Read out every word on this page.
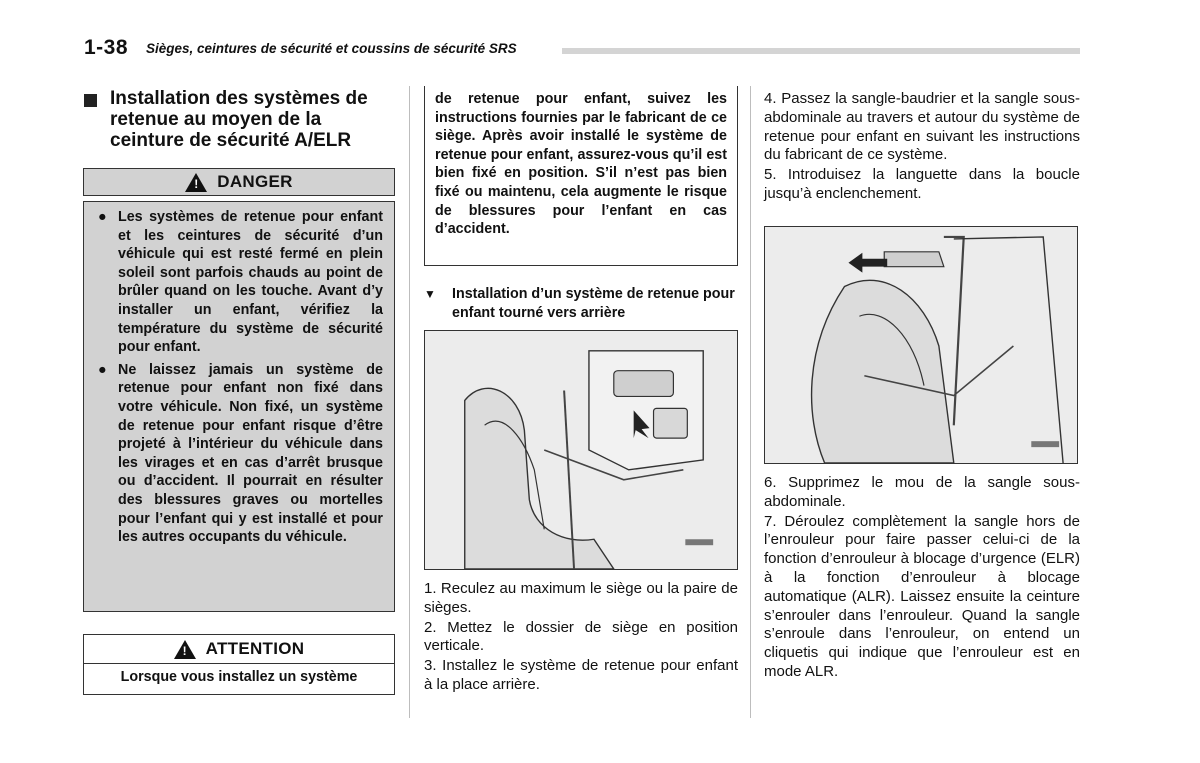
1-38 Sièges, ceintures de sécurité et coussins de sécurité SRS
Installation des systèmes de retenue au moyen de la ceinture de sécurité A/ELR
! DANGER
● Les systèmes de retenue pour enfant et les ceintures de sécurité d’un véhicule qui est resté fermé en plein soleil sont parfois chauds au point de brûler quand on les touche. Avant d’y installer un enfant, vérifiez la température du système de sécurité pour enfant.
● Ne laissez jamais un système de retenue pour enfant non fixé dans votre véhicule. Non fixé, un système de retenue pour enfant risque d’être projeté à l’intérieur du véhicule dans les virages et en cas d’arrêt brusque ou d’accident. Il pourrait en résulter des blessures graves ou mortelles pour l’enfant qui y est installé et pour les autres occupants du véhicule.
! ATTENTION
Lorsque vous installez un système
de retenue pour enfant, suivez les instructions fournies par le fabricant de ce siège. Après avoir installé le système de retenue pour enfant, assurez-vous qu’il est bien fixé en position. S’il n’est pas bien fixé ou maintenu, cela augmente le risque de blessures pour l’enfant en cas d’accident.
▼ Installation d’un système de retenue pour enfant tourné vers arrière

1. Reculez au maximum le siège ou la paire de sièges.

2. Mettez le dossier de siège en position verticale.

3. Installez le système de retenue pour enfant à la place arrière.

4. Passez la sangle-baudrier et la sangle sous-abdominale au travers et autour du système de retenue pour enfant en suivant les instructions du fabricant de ce système.

5. Introduisez la languette dans la boucle jusqu’à enclenchement.

6. Supprimez le mou de la sangle sous-abdominale.

7. Déroulez complètement la sangle hors de l’enrouleur pour faire passer celui-ci de la fonction d’enrouleur à blocage d’urgence (ELR) à la fonction d’enrouleur à blocage automatique (ALR). Laissez ensuite la ceinture s’enrouler dans l’enrouleur. Quand la sangle s’enroule dans l’enrouleur, on entend un cliquetis qui indique que l’enrouleur est en mode ALR.
